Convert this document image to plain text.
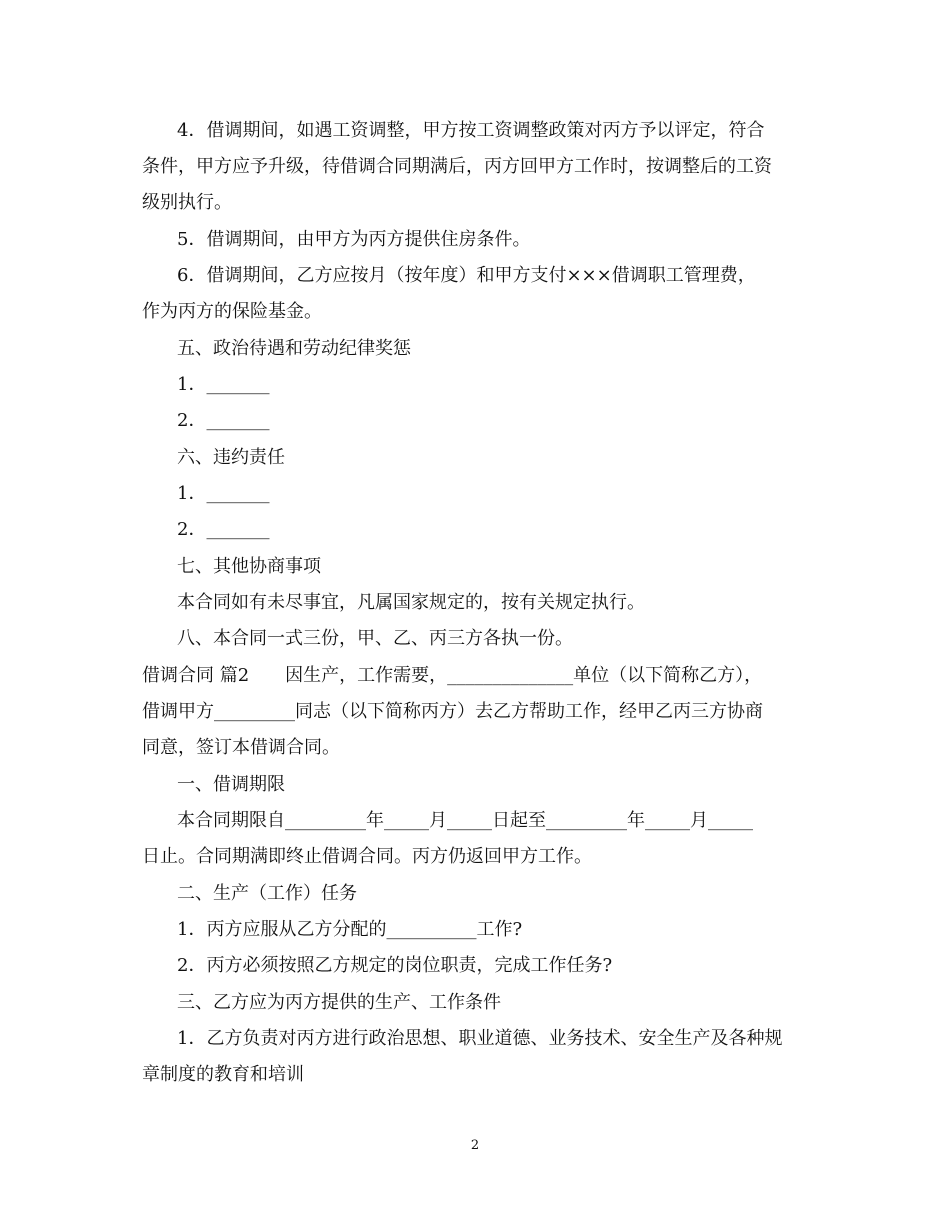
4．借调期间，如遇工资调整，甲方按工资调整政策对丙方予以评定，符合
条件，甲方应予升级，待借调合同期满后，丙方回甲方工作时，按调整后的工资
级别执行。
5．借调期间，由甲方为丙方提供住房条件。
6．借调期间，乙方应按月（按年度）和甲方支付×××借调职工管理费，
作为丙方的保险基金。
五、政治待遇和劳动纪律奖惩
1．_______
2．_______
六、违约责任
1．_______
2．_______
七、其他协商事项
本合同如有未尽事宜，凡属国家规定的，按有关规定执行。
八、本合同一式三份，甲、乙、丙三方各执一份。
借调合同 篇2　　因生产，工作需要，______________单位（以下简称乙方），
借调甲方_________同志（以下简称丙方）去乙方帮助工作，经甲乙丙三方协商
同意，签订本借调合同。
一、借调期限
本合同期限自_________年_____月_____日起至_________年_____月_____
日止。合同期满即终止借调合同。丙方仍返回甲方工作。
二、生产（工作）任务
1．丙方应服从乙方分配的__________工作?
2．丙方必须按照乙方规定的岗位职责，完成工作任务?
三、乙方应为丙方提供的生产、工作条件
1．乙方负责对丙方进行政治思想、职业道德、业务技术、安全生产及各种规
章制度的教育和培训
2
